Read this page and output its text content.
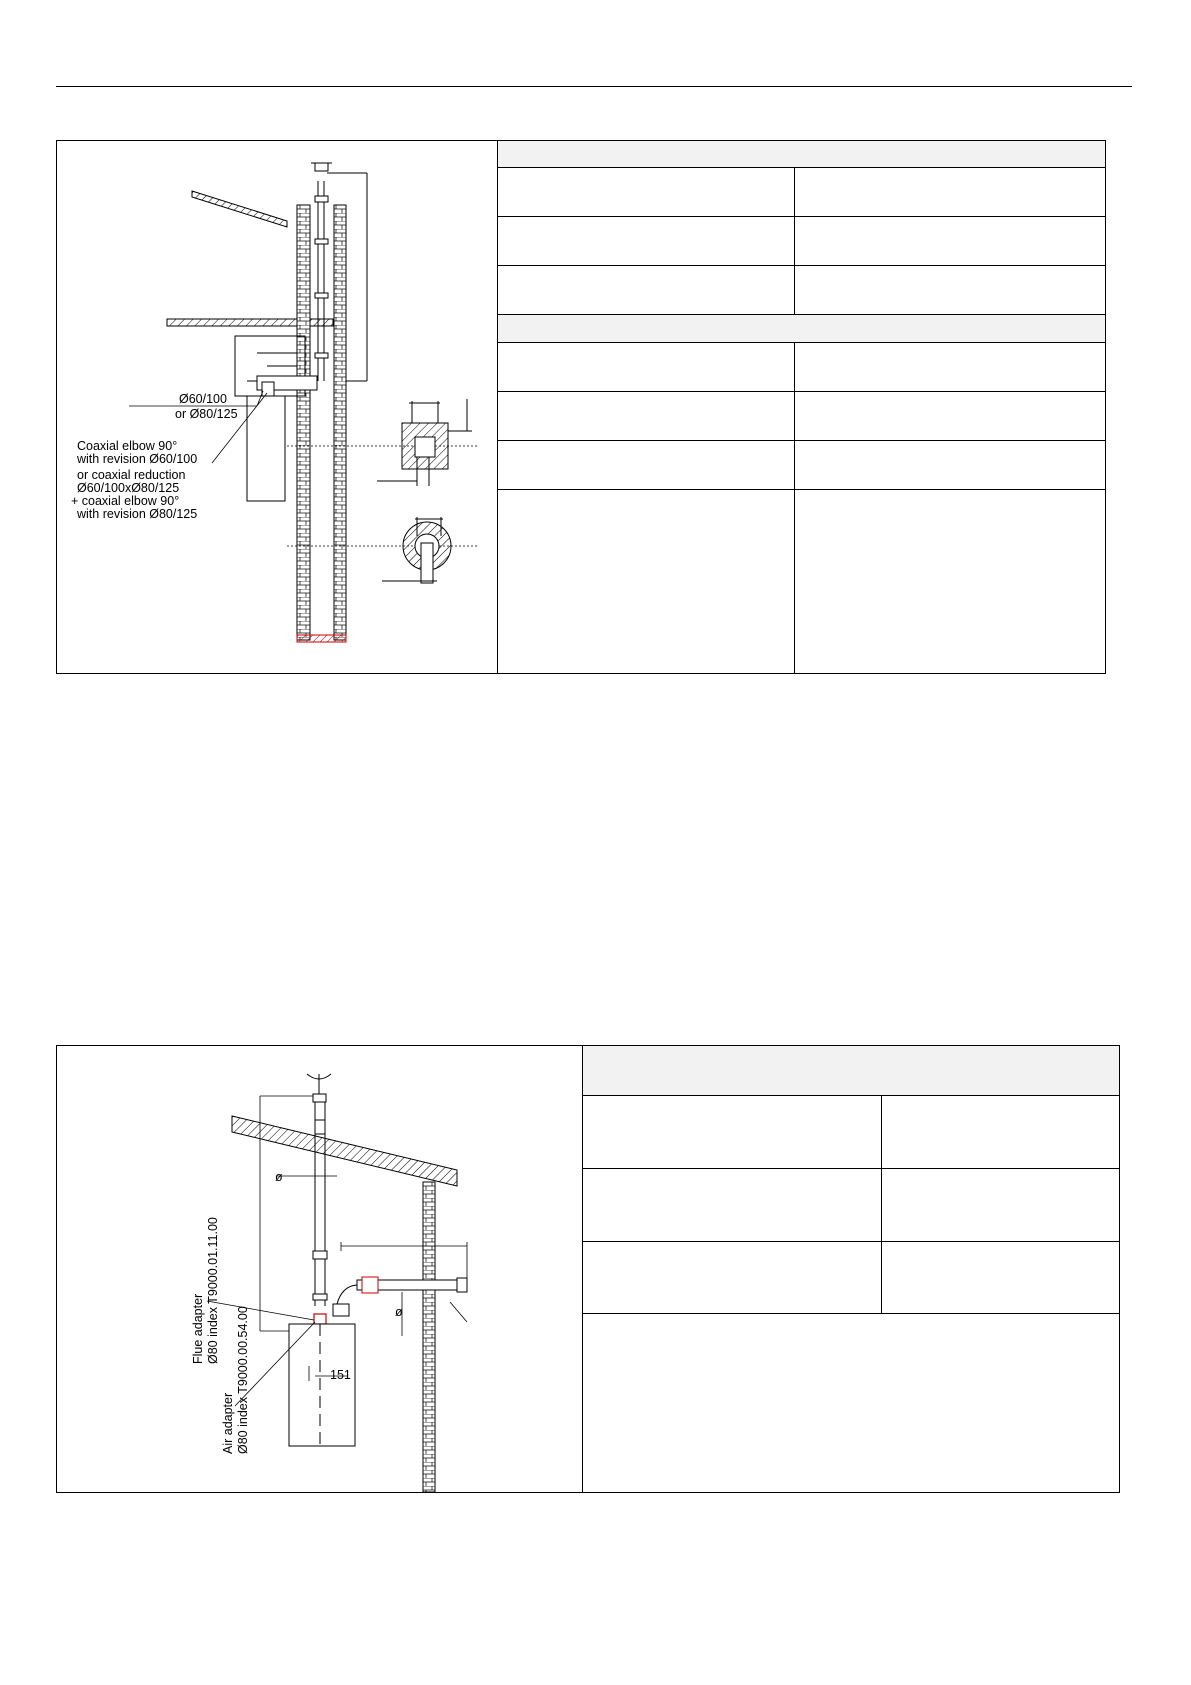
Ø60/100
or Ø80/125
Coaxial elbow 90°
with revision Ø60/100
or coaxial reduction
Ø60/100xØ80/125
+ coaxial elbow 90°
with revision Ø80/125
151
ø
ø
Flue adapter Ø80 index T9000.01.11.00
Air adapter Ø80 index T9000.00.54.00
